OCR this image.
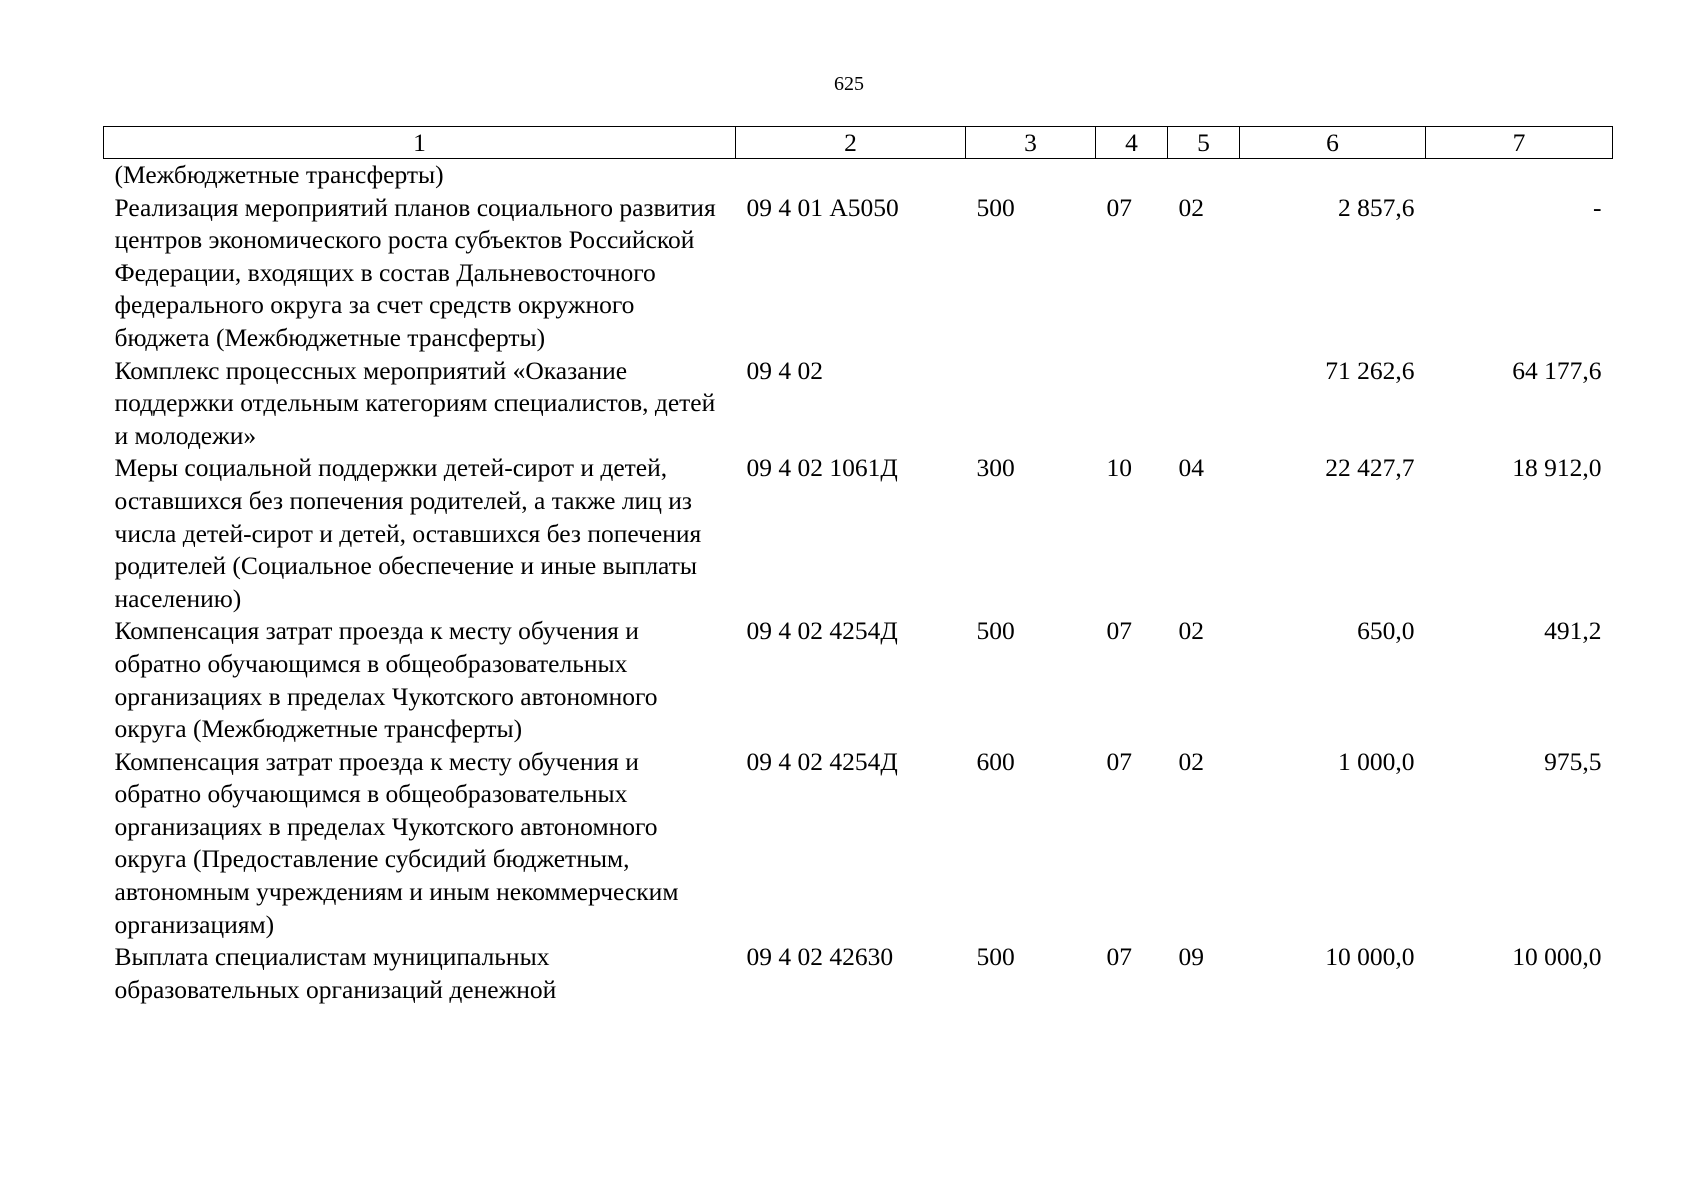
625
1	2	3	4	5	6	7
(Межбюджетные трансферты)						
Реализация мероприятий планов социального развития центров экономического роста субъектов Российской Федерации, входящих в состав Дальневосточного федерального округа за счет средств окружного бюджета (Межбюджетные трансферты)	09 4 01 А5050	500	07	02	2 857,6	-
Комплекс процессных мероприятий «Оказание поддержки отдельным категориям специалистов, детей и молодежи»	09 4 02				71 262,6	64 177,6
Меры социальной поддержки детей-сирот и детей, оставшихся без попечения родителей, а также лиц из числа детей-сирот и детей, оставшихся без попечения родителей (Социальное обеспечение и иные выплаты населению)	09 4 02 1061Д	300	10	04	22 427,7	18 912,0
Компенсация затрат проезда к месту обучения и обратно обучающимся в общеобразовательных организациях в пределах Чукотского автономного округа (Межбюджетные трансферты)	09 4 02 4254Д	500	07	02	650,0	491,2
Компенсация затрат проезда к месту обучения и обратно обучающимся в общеобразовательных организациях в пределах Чукотского автономного округа (Предоставление субсидий бюджетным, автономным учреждениям и иным некоммерческим организациям)	09 4 02 4254Д	600	07	02	1 000,0	975,5
Выплата специалистам муниципальных образовательных организаций денежной	09 4 02 42630	500	07	09	10 000,0	10 000,0
